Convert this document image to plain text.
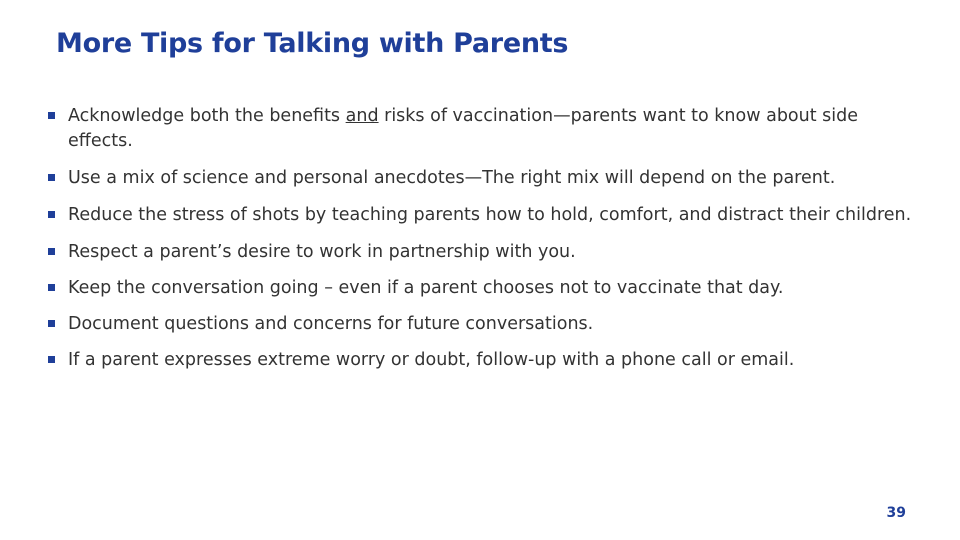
More Tips for Talking with Parents
Acknowledge both the benefits and risks of vaccination—parents want to know about side effects.
Use a mix of science and personal anecdotes—The right mix will depend on the parent.
Reduce the stress of shots by teaching parents how to hold, comfort, and distract their children.
Respect a parent’s desire to work in partnership with you.
Keep the conversation going – even if a parent chooses not to vaccinate that day.
Document questions and concerns for future conversations.
If a parent expresses extreme worry or doubt, follow-up with a phone call or email.
39
